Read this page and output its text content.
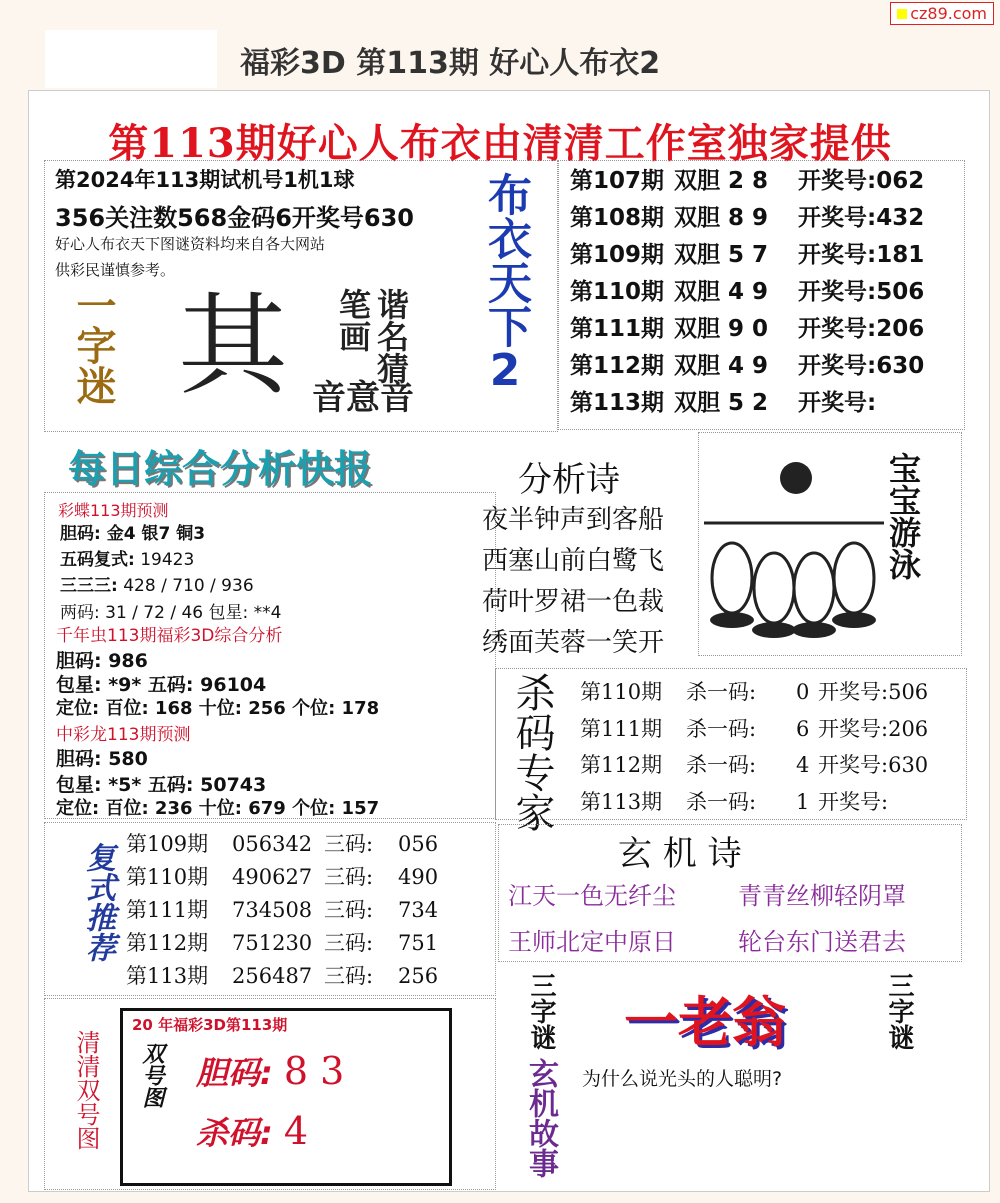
福彩3D 第113期 好心人布衣2
cz89.com
第113期好心人布衣由清清工作室独家提供
第2024年113期试机号1机1球
356关注数568金码6开奖号630
好心人布衣天下图谜资料均来自各大网站
供彩民谨慎参考。
一字迷 其	谐名猜
笔画
音意音
布衣天下
2
第107期 双胆 2 8 开奖号:062
第108期 双胆 8 9 开奖号:432
第109期 双胆 5 7 开奖号:181
第110期 双胆 4 9 开奖号:506
第111期 双胆 9 0 开奖号:206
第112期 双胆 4 9 开奖号:630
第113期 双胆 5 2 开奖号:
每日综合分析快报
彩蝶113期预测
胆码: 金4 银7 铜3
五码复式: 19423
三三三: 428 / 710 / 936
两码: 31 / 72 / 46 包星: **4
千年虫113期福彩3D综合分析
胆码: 986
包星: *9* 五码: 96104
定位: 百位: 168 十位: 256 个位: 178
中彩龙113期预测
胆码: 580
包星: *5* 五码: 50743
定位: 百位: 236 十位: 679 个位: 157
分析诗
夜半钟声到客船
西塞山前白鹭飞
荷叶罗裙一色裁
绣面芙蓉一笑开
宝宝游泳
杀码专家 第110期 杀一码: 0 开奖号:506
第111期 杀一码: 6 开奖号:206
第112期 杀一码: 4 开奖号:630
第113期 杀一码: 1 开奖号:
复式推荐 第109期 056342 三码: 056
第110期 490627 三码: 490
第111期 734508 三码: 734
第112期 751230 三码: 751
第113期 256487 三码: 256
玄 机 诗
江天一色无纤尘	青青丝柳轻阴罩
王师北定中原日	轮台东门送君去
三字谜	三字谜
一老翁
玄机故事 为什么说光头的人聪明?
清清双号图
20 年福彩3D第113期
双号图 胆码: 8 3
杀码: 4
